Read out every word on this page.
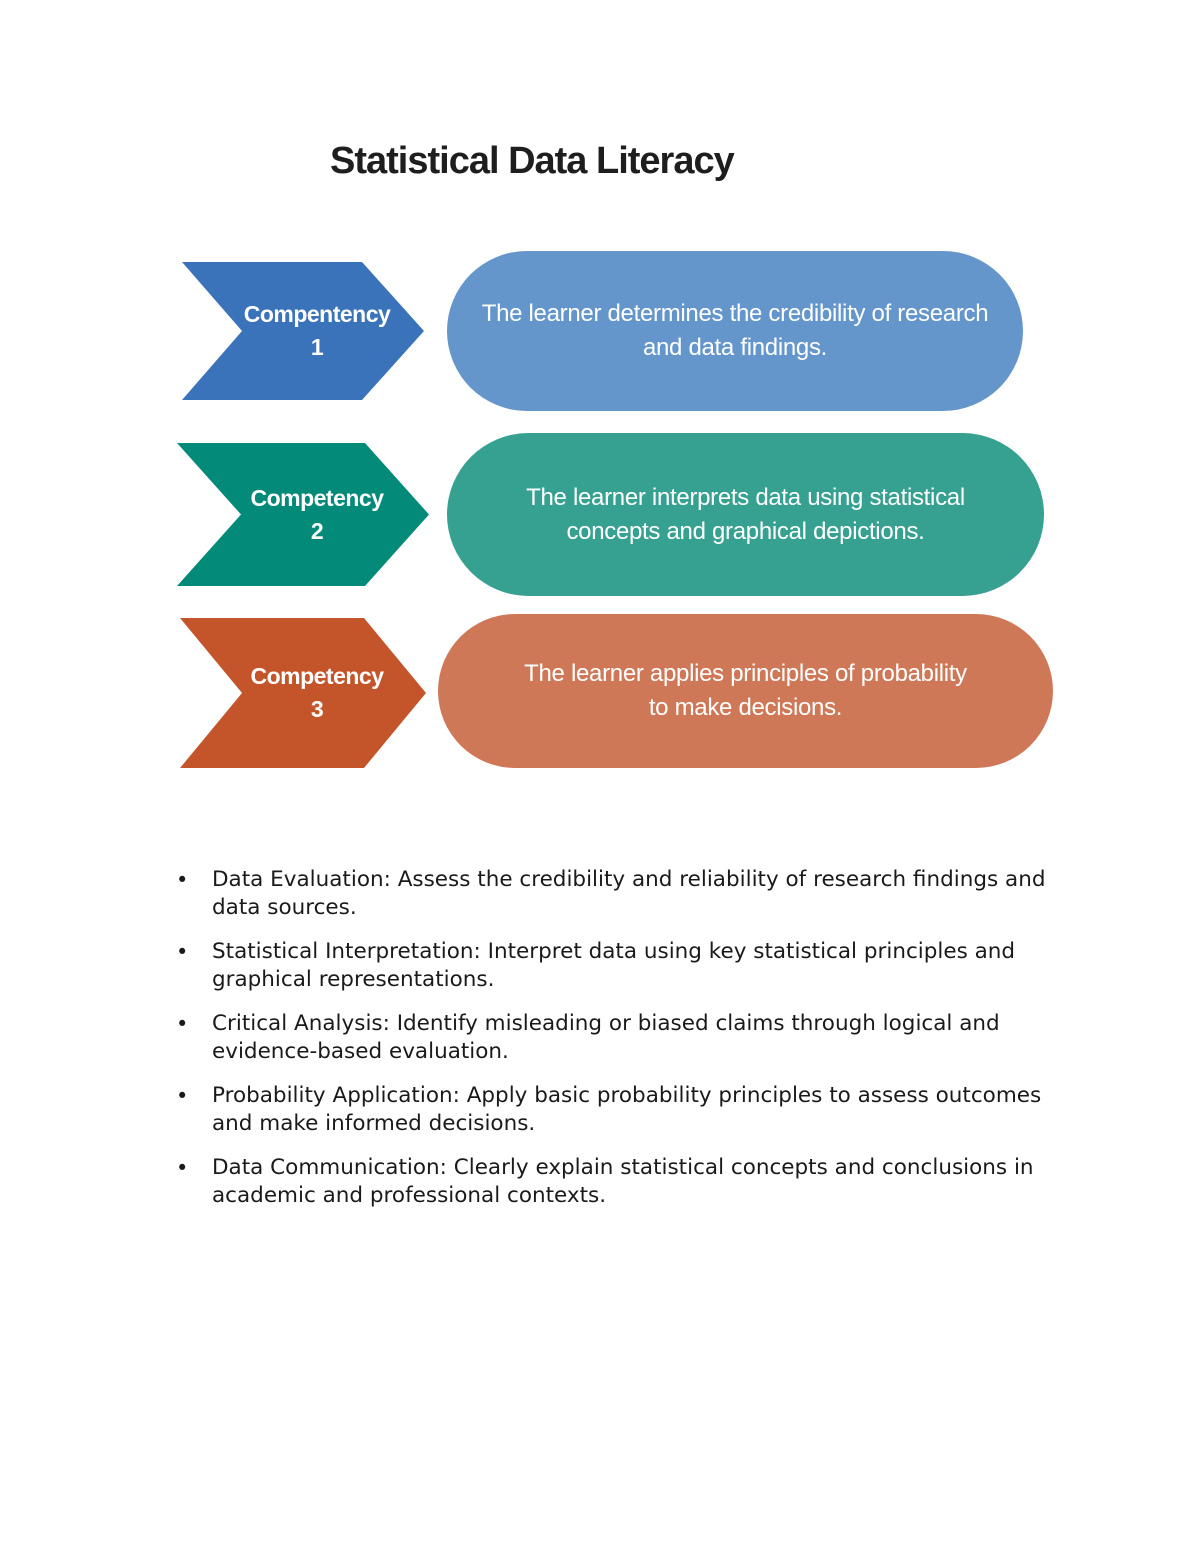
Statistical Data Literacy
Compentency
1
The learner determines the credibility of research
and data findings.
Competency
2
The learner interprets data using statistical
concepts and graphical depictions.
Competency
3
The learner applies principles of probability
to make decisions.
• Data Evaluation: Assess the credibility and reliability of research findings and data sources.
• Statistical Interpretation: Interpret data using key statistical principles and graphical representations.
• Critical Analysis: Identify misleading or biased claims through logical and evidence-based evaluation.
• Probability Application: Apply basic probability principles to assess outcomes and make informed decisions.
• Data Communication: Clearly explain statistical concepts and conclusions in academic and professional contexts.
